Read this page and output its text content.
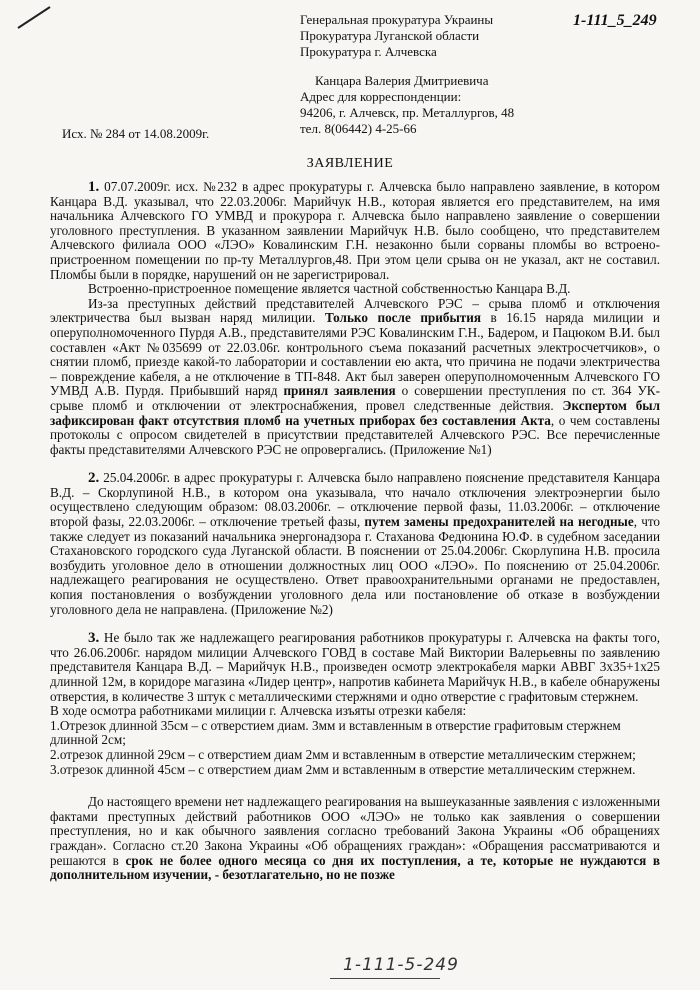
1-111_5_249
Генеральная прокуратура Украины
Прокуратура Луганской области
Прокуратура г. Алчевска
Канцара Валерия Дмитриевича
Адрес для корреспонденции:
94206, г. Алчевск, пр. Металлургов, 48
тел. 8(06442) 4-25-66
Исх. № 284 от 14.08.2009г.
ЗАЯВЛЕНИЕ

1. 07.07.2009г. исх. №232 в адрес прокуратуры г. Алчевска было направлено заявление, в котором Канцара В.Д. указывал, что 22.03.2006г. Марийчук Н.В., которая является его представителем, на имя начальника Алчевского ГО УМВД и прокурора г. Алчевска было направлено заявление о совершении уголовного преступления. В указанном заявлении Марийчук Н.В. было сообщено, что представителем Алчевского филиала ООО «ЛЭО» Ковалинским Г.Н. незаконно были сорваны пломбы во встроено-пристроенном помещении по пр-ту Металлургов,48. При этом цели срыва он не указал, акт не составил. Пломбы были в порядке, нарушений он не зарегистрировал.

Встроенно-пристроенное помещение является частной собственностью Канцара В.Д.

Из-за преступных действий представителей Алчевского РЭС – срыва пломб и отключения электричества был вызван наряд милиции. Только после прибытия в 16.15 наряда милиции и оперуполномоченного Пурдя А.В., представителями РЭС Ковалинским Г.Н., Бадером, и Пацюком В.И. был составлен «Акт №035699 от 22.03.06г. контрольного съема показаний расчетных электросчетчиков», о снятии пломб, приезде какой-то лаборатории и составлении ею акта, что причина не подачи электричества – повреждение кабеля, а не отключение в ТП-848. Акт был заверен оперуполномоченным Алчевского ГО УМВД А.В. Пурдя. Прибывший наряд принял заявления о совершении преступления по ст. 364 УК- срыве пломб и отключении от электроснабжения, провел следственные действия. Экспертом был зафиксирован факт отсутствия пломб на учетных приборах без составления Акта, о чем составлены протоколы с опросом свидетелей в присутствии представителей Алчевского РЭС. Все перечисленные факты представителями Алчевского РЭС не опровергались. (Приложение №1)

2. 25.04.2006г. в адрес прокуратуры г. Алчевска было направлено пояснение представителя Канцара В.Д. – Скорлупиной Н.В., в котором она указывала, что начало отключения электроэнергии было осуществлено следующим образом: 08.03.2006г. – отключение первой фазы, 11.03.2006г. – отключение второй фазы, 22.03.2006г. – отключение третьей фазы, путем замены предохранителей на негодные, что также следует из показаний начальника энергонадзора г. Стаханова Федюнина Ю.Ф. в судебном заседании Стахановского городского суда Луганской области. В пояснении от 25.04.2006г. Скорлупина Н.В. просила возбудить уголовное дело в отношении должностных лиц ООО «ЛЭО». По пояснению от 25.04.2006г. надлежащего реагирования не осуществлено. Ответ правоохранительными органами не предоставлен, копия постановления о возбуждении уголовного дела или постановление об отказе в возбуждении уголовного дела не направлена. (Приложение №2)

3. Не было так же надлежащего реагирования работников прокуратуры г. Алчевска на факты того, что 26.06.2006г. нарядом милиции Алчевского ГОВД в составе Май Виктории Валерьевны по заявлению представителя Канцара В.Д. – Марийчук Н.В., произведен осмотр электрокабеля марки АВВГ 3х35+1х25 длинной 12м, в коридоре магазина «Лидер центр», напротив кабинета Марийчук Н.В., в кабеле обнаружены отверстия, в количестве 3 штук с металлическими стержнями и одно отверстие с графитовым стержнем.

В ходе осмотра работниками милиции г. Алчевска изъяты отрезки кабеля:

1.Отрезок длинной 35см – с отверстием диам. 3мм и вставленным в отверстие графитовым стержнем длинной 2см;

2.отрезок длинной 29см – с отверстием диам 2мм и вставленным в отверстие металлическим стержнем;

3.отрезок длинной 45см – с отверстием диам 2мм и вставленным в отверстие металлическим стержнем.

До настоящего времени нет надлежащего реагирования на вышеуказанные заявления с изложенными фактами преступных действий работников ООО «ЛЭО» не только как заявления о совершении преступления, но и как обычного заявления согласно требований Закона Украины «Об обращениях граждан». Согласно ст.20 Закона Украины «Об обращениях граждан»: «Обращения рассматриваются и решаются в срок не более одного месяца со дня их поступления, а те, которые не нуждаются в дополнительном изучении, - безотлагательно, но не позже

1-111-5-249
